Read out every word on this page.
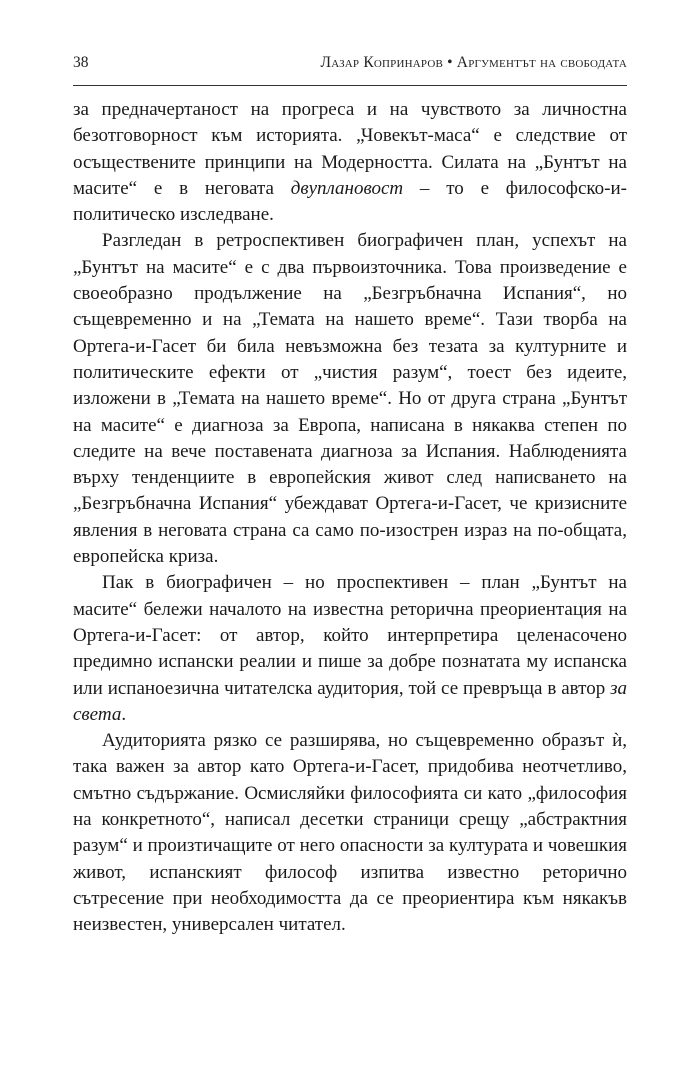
38	Лазар Копринаров • Аргументът на свободата

за предначертаност на прогреса и на чувството за личностна безотговорност към историята. „Човекът-маса“ е следствие от осъществените принципи на Модерността. Силата на „Бунтът на масите“ е в неговата двуплановост – то е философско-и-политическо изследване.

Разгледан в ретроспективен биографичен план, успехът на „Бунтът на масите“ е с два първоизточника. Това произведение е своеобразно продължение на „Безгръбначна Испания“, но същевременно и на „Темата на нашето време“. Тази творба на Ортега-и-Гасет би била невъзможна без тезата за културните и политическите ефекти от „чистия разум“, тоест без идеите, изложени в „Темата на нашето време“. Но от друга страна „Бунтът на масите“ е диагноза за Европа, написана в някаква степен по следите на вече поставената диагноза за Испания. Наблюденията върху тенденциите в европейския живот след написването на „Безгръбначна Испания“ убеждават Ортега-и-Гасет, че кризисните явления в неговата страна са само по-изострен израз на по-общата, европейска криза.

Пак в биографичен – но проспективен – план „Бунтът на масите“ бележи началото на известна реторична преориентация на Ортега-и-Гасет: от автор, който интерпретира целенасочено предимно испански реалии и пише за добре познатата му испанска или испаноезична читателска аудитория, той се превръща в автор за света.

Аудиторията рязко се разширява, но същевременно образът ѝ, така важен за автор като Ортега-и-Гасет, придобива неотчетливо, смътно съдържание. Осмисляйки философията си като „философия на конкретното“, написал десетки страници срещу „абстрактния разум“ и произтичащите от него опасности за културата и човешкия живот, испанският философ изпитва известно реторично сътресение при необходимостта да се преориентира към някакъв неизвестен, универсален читател.
